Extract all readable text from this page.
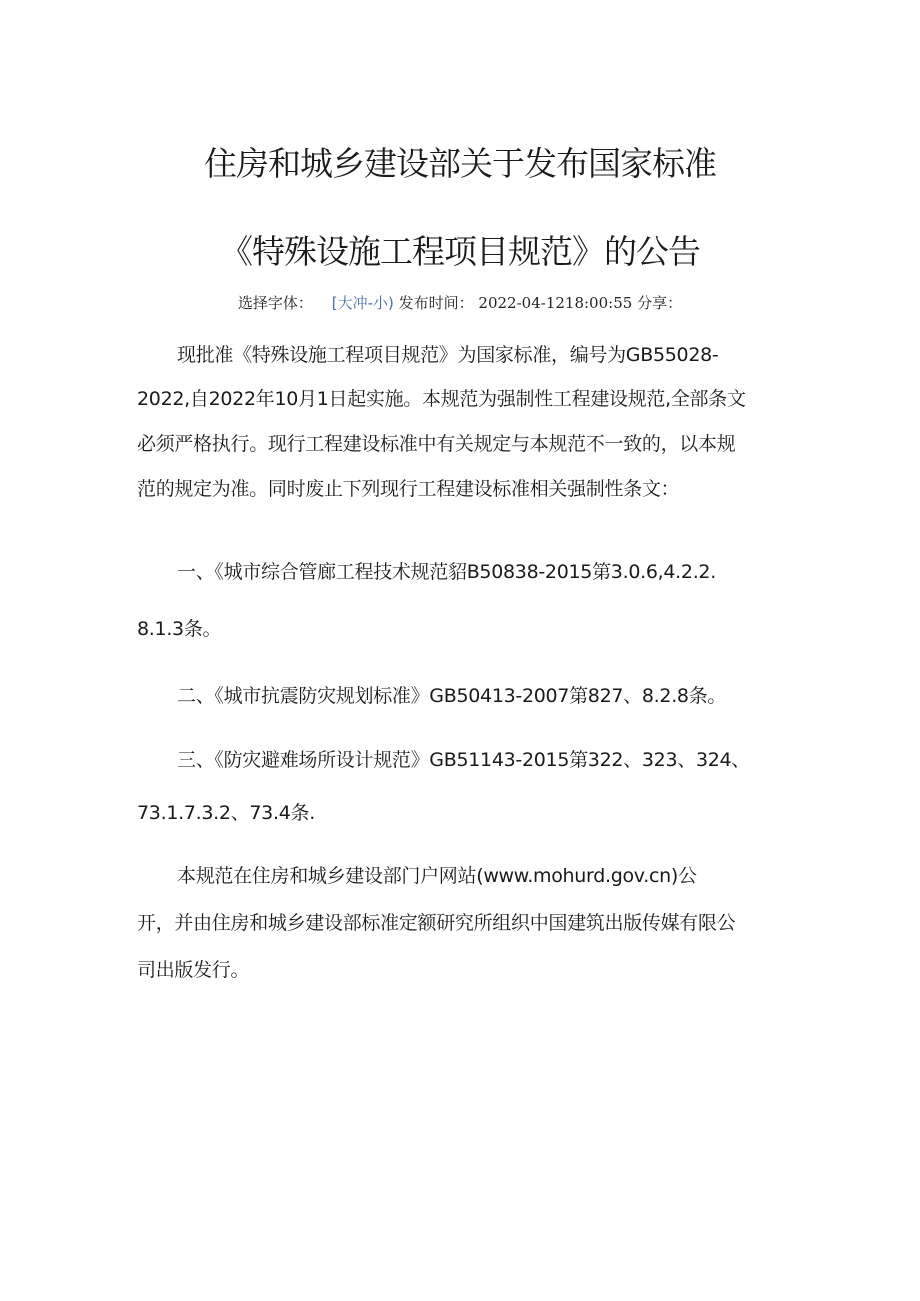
住房和城乡建设部关于发布国家标准
《特殊设施工程项目规范》的公告
选择字体： [大冲-小) 发布时间： 2022-04-1218:00:55 分享：
现批准《特殊设施工程项目规范》为国家标准，编号为GB55028-
2022,自2022年10月1日起实施。本规范为强制性工程建设规范,全部条文
必须严格执行。现行工程建设标准中有关规定与本规范不一致的，以本规
范的规定为准。同时废止下列现行工程建设标准相关强制性条文：
一、《城市综合管廊工程技术规范貂B50838-2015第3.0.6,4.2.2.
8.1.3条。
二、《城市抗震防灾规划标准》GB50413-2007第827、8.2.8条。
三、《防灾避难场所设计规范》GB51143-2015第322、323、324、
73.1.7.3.2、73.4条.
本规范在住房和城乡建设部门户网站(www.mohurd.gov.cn)公
开，并由住房和城乡建设部标准定额研究所组织中国建筑出版传媒有限公
司出版发行。
